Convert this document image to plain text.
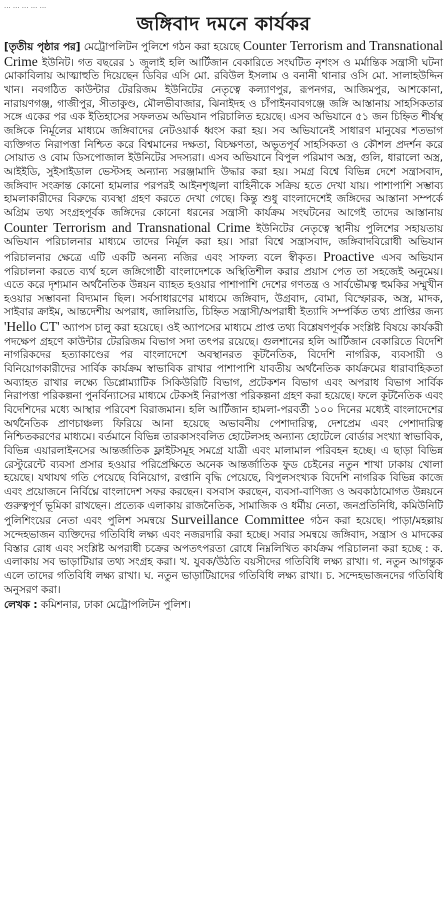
... ... ... ... ...
জঙ্গিবাদ দমনে কার্যকর

[তৃতীয় পৃষ্ঠার পর] মেট্রোপলিটন পুলিশে গঠন করা হয়েছে Counter Terrorism and Transnational Crime ইউনিট। গত বছরের ১ জুলাই হলি আর্টিজান বেকারিতে সংঘটিত নৃশংস ও মর্মান্তিক সন্ত্রাসী ঘটনা মোকাবিলায় আত্মাহুতি দিয়েছেন ডিবির এসি মো. রবিউল ইসলাম ও বনানী থানার ওসি মো. সালাহউদ্দিন খান। নবগঠিত কাউন্টার টেররিজম ইউনিটের নেতৃত্বে কল্যাণপুর, রূপনগর, আজিমপুর, আশকোনা, নারায়ণগঞ্জ, গাজীপুর, সীতাকুণ্ড, মৌলভীবাজার, ঝিনাইদহ ও চাঁপাইনবাবগঞ্জে জঙ্গি আস্তানায় সাহসিকতার সঙ্গে একের পর এক ইতিহাসের সফলতম অভিযান পরিচালিত হয়েছে। এসব অভিযানে ৫১ জন চিহ্নিত শীর্ষস্থ জঙ্গিকে নির্মূলের মাধ্যমে জঙ্গিবাদের নেটওয়ার্ক ধ্বংস করা হয়। সব অভিযানেই সাধারণ মানুষের শতভাগ ব্যক্তিগত নিরাপত্তা নিশ্চিত করে বিশ্বমানের দক্ষতা, বিচক্ষণতা, অভূতপূর্ব সাহসিকতা ও কৌশল প্রদর্শন করে সোয়াত ও বোম ডিসপোজাল ইউনিটের সদস্যরা। এসব অভিযানে বিপুল পরিমাণ অস্ত্র, গুলি, ধারালো অস্ত্র, আইইডি, সুইসাইডাল ভেস্টসহ অন্যান্য সরঞ্জামাদি উদ্ধার করা হয়। সমগ্র বিশ্বে বিভিন্ন দেশে সন্ত্রাসবাদ, জঙ্গিবাদ সংক্রান্ত কোনো হামলার পরপরই আইনশৃঙ্খলা বাহিনীকে সক্রিয় হতে দেখা যায়। পাশাপাশি সম্ভাব্য হামলাকারীদের বিরুদ্ধে ব্যবস্থা গ্রহণ করতে দেখা গেছে। কিন্তু শুধু বাংলাদেশেই জঙ্গিদের আস্তানা সম্পর্কে অগ্রিম তথ্য সংগ্রহপূর্বক জঙ্গিদের কোনো ধরনের সন্ত্রাসী কার্যক্রম সংঘটনের আগেই তাদের আস্তানায় Counter Terrorism and Transnational Crime ইউনিটের নেতৃত্বে স্থানীয় পুলিশের সহায়তায় অভিযান পরিচালনার মাধ্যমে তাদের নির্মূল করা হয়। সারা বিশ্বে সন্ত্রাসবাদ, জঙ্গিবাদবিরোধী অভিযান পরিচালনার ক্ষেত্রে এটি একটি অনন্য নজির এবং সাফল্য বলে স্বীকৃত। Proactive এসব অভিযান পরিচালনা করতে ব্যর্থ হলে জঙ্গিগোষ্ঠী বাংলাদেশকে অস্থিতিশীল করার প্রয়াস পেত তা সহজেই অনুমেয়। এতে করে দৃশ্যমান অর্থনৈতিক উন্নয়ন ব্যাহত হওয়ার পাশাপাশি দেশের গণতন্ত্র ও সার্বভৌমত্ব হুমকির সম্মুখীন হওয়ার সম্ভাবনা বিদ্যমান ছিল। সর্বসাধারণের মাধ্যমে জঙ্গিবাদ, উগ্রবাদ, বোমা, বিস্ফোরক, অস্ত্র, মাদক, সাইবার ক্রাইম, আন্তদেশীয় অপরাধ, জালিয়াতি, চিহ্নিত সন্ত্রাসী/অপরাধী ইত্যাদি সম্পর্কিত তথ্য প্রাপ্তির জন্য 'Hello CT' অ্যাপস চালু করা হয়েছে। ওই অ্যাপসের মাধ্যমে প্রাপ্ত তথ্য বিশ্লেষণপূর্বক সংশ্লিষ্ট বিষয়ে কার্যকরী পদক্ষেপ গ্রহণে কাউন্টার টেররিজম বিভাগ সদা তৎপর রয়েছে। গুলশানের হলি আর্টিজান বেকারিতে বিদেশি নাগরিকদের হত্যাকাণ্ডের পর বাংলাদেশে অবস্থানরত কূটনৈতিক, বিদেশি নাগরিক, ব্যবসায়ী ও বিনিয়োগকারীদের সার্বিক কার্যক্রম স্বাভাবিক রাখার পাশাপাশি যাবতীয় অর্থনৈতিক কার্যক্রমের ধারাবাহিকতা অব্যাহত রাখার লক্ষ্যে ডিপ্লোম্যাটিক সিকিউরিটি বিভাগ, প্রটেকশন বিভাগ এবং অপরাধ বিভাগ সার্বিক নিরাপত্তা পরিকল্পনা পুনর্বিন্যাসের মাধ্যমে টেকসই নিরাপত্তা পরিকল্পনা গ্রহণ করা হয়েছে। ফলে কূটনৈতিক এবং বিদেশিদের মধ্যে আস্থার পরিবেশ বিরাজমান। হলি আর্টিজান হামলা-পরবর্তী ১০০ দিনের মধ্যেই বাংলাদেশের অর্থনৈতিক প্রাণচাঞ্চল্য ফিরিয়ে আনা হয়েছে অভাবনীয় পেশাদারিত্ব, দেশপ্রেম এবং পেশাদারিত্ব নিশ্চিতকরণের মাধ্যমে। বর্তমানে বিভিন্ন তারকাসংবলিত হোটেলসহ অন্যান্য হোটেলে বোর্ডার সংখ্যা স্বাভাবিক, বিভিন্ন এয়ারলাইনসের আন্তর্জাতিক ফ্লাইটসমূহ সমগ্রে যাত্রী এবং মালামাল পরিবহন হচ্ছে। এ ছাড়া বিভিন্ন রেস্টুরেন্টে ব্যবসা প্রসার হওয়ার পরিপ্রেক্ষিতে অনেক আন্তর্জাতিক ফুড চেইনের নতুন শাখা ঢাকায় খোলা হয়েছে। যথাযথ গতি পেয়েছে বিনিয়োগ, রপ্তানি বৃদ্ধি পেয়েছে, বিপুলসংখ্যক বিদেশি নাগরিক বিভিন্ন কাজে এবং প্রয়োজনে নির্বিঘ্নে বাংলাদেশ সফর করছেন। বসবাস করছেন, ব্যবসা-বাণিজ্য ও অবকাঠামোগত উন্নয়নে গুরুত্বপূর্ণ ভূমিকা রাখছেন। প্রত্যেক এলাকায় রাজনৈতিক, সামাজিক ও ধর্মীয় নেতা, জনপ্রতিনিধি, কমিউনিটি পুলিশিংয়ের নেতা এবং পুলিশ সমন্বয়ে Surveillance Committee গঠন করা হয়েছে। পাড়া/মহল্লায় সন্দেহভাজন ব্যক্তিদের গতিবিধি লক্ষ্য এবং নজরদারি করা হচ্ছে। সবার সমন্বয়ে জঙ্গিবাদ, সন্ত্রাস ও মাদকের বিস্তার রোধ এবং সংশ্লিষ্ট অপরাধী চক্রের অপতৎপরতা রোধে নিম্নলিখিত কার্যক্রম পরিচালনা করা হচ্ছে : ক. এলাকায় সব ভাড়াটিয়ার তথ্য সংগ্রহ করা। খ. যুবক/উঠতি বয়সীদের গতিবিধি লক্ষ্য রাখা। গ. নতুন আগন্তুক এলে তাদের গতিবিধি লক্ষ্য রাখা। ঘ. নতুন ভাড়াটিয়াদের গতিবিধি লক্ষ্য রাখা। চ. সন্দেহভাজনদের গতিবিধি অনুসরণ করা।

লেখক : কমিশনার, ঢাকা মেট্রোপলিটন পুলিশ।
